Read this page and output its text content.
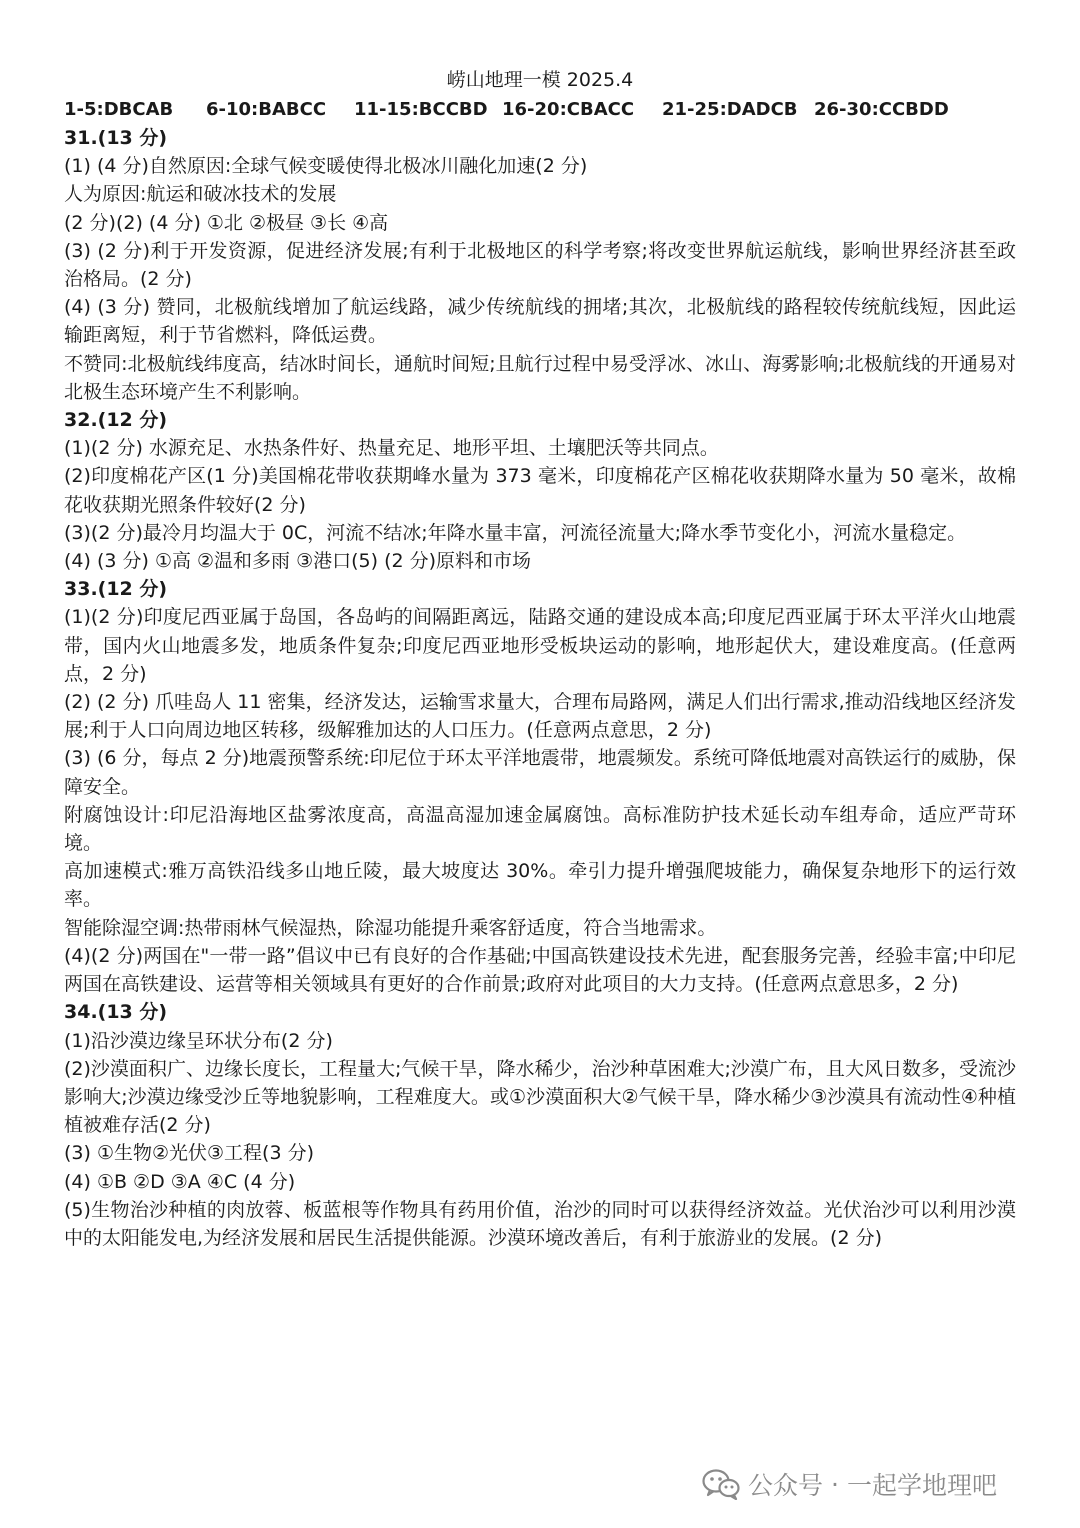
崂山地理一模 2025.4
1-5:DBCAB 6-10:BABCC 11-15:BCCBD 16-20:CBACC 21-25:DADCB 26-30:CCBDD

31.(13 分)

(1) (4 分)自然原因:全球气候变暖使得北极冰川融化加速(2 分)

人为原因:航运和破冰技术的发展

(2 分)(2) (4 分) ①北 ②极昼 ③长 ④高

(3) (2 分)利于开发资源，促进经济发展;有利于北极地区的科学考察;将改变世界航运航线，影响世界经济甚至政治格局。(2 分)

(4) (3 分) 赞同，北极航线增加了航运线路，减少传统航线的拥堵;其次，北极航线的路程较传统航线短，因此运输距离短，利于节省燃料，降低运费。

不赞同:北极航线纬度高，结冰时间长，通航时间短;且航行过程中易受浮冰、冰山、海雾影响;北极航线的开通易对北极生态环境产生不利影响。

32.(12 分)

(1)(2 分) 水源充足、水热条件好、热量充足、地形平坦、土壤肥沃等共同点。

(2)印度棉花产区(1 分)美国棉花带收获期峰水量为 373 毫米，印度棉花产区棉花收获期降水量为 50 毫米，故棉花收获期光照条件较好(2 分)

(3)(2 分)最冷月均温大于 0C，河流不结冰;年降水量丰富，河流径流量大;降水季节变化小，河流水量稳定。

(4) (3 分) ①高 ②温和多雨 ③港口(5) (2 分)原料和市场

33.(12 分)

(1)(2 分)印度尼西亚属于岛国，各岛屿的间隔距离远，陆路交通的建设成本高;印度尼西亚属于环太平洋火山地震带，国内火山地震多发，地质条件复杂;印度尼西亚地形受板块运动的影响，地形起伏大，建设难度高。(任意两点，2 分)

(2) (2 分) 爪哇岛人 11 密集，经济发达，运输雪求量大，合理布局路网，满足人们出行需求,推动沿线地区经济发展;利于人口向周边地区转移，级解雅加达的人口压力。(任意两点意思，2 分)

(3) (6 分，每点 2 分)地震预警系统:印尼位于环太平洋地震带，地震频发。系统可降低地震对高铁运行的威胁，保障安全。

附腐蚀设计:印尼沿海地区盐雾浓度高，高温高湿加速金属腐蚀。高标准防护技术延长动车组寿命，适应严苛环境。

高加速模式:雅万高铁沿线多山地丘陵，最大坡度达 30%。牵引力提升增强爬坡能力，确保复杂地形下的运行效率。

智能除湿空调:热带雨林气候湿热，除湿功能提升乘客舒适度，符合当地需求。

(4)(2 分)两国在"一带一路”倡议中已有良好的合作基础;中国高铁建设技术先进，配套服务完善，经验丰富;中印尼两国在高铁建设、运营等相关领域具有更好的合作前景;政府对此项目的大力支持。(任意两点意思多，2 分)

34.(13 分)

(1)沿沙漠边缘呈环状分布(2 分)

(2)沙漠面积广、边缘长度长，工程量大;气候干旱，降水稀少，治沙种草困难大;沙漠广布，且大风日数多，受流沙影响大;沙漠边缘受沙丘等地貌影响，工程难度大。或①沙漠面积大②气候干旱，降水稀少③沙漠具有流动性④种植植被难存活(2 分)

(3) ①生物②光伏③工程(3 分)

(4) ①B ②D ③A ④C (4 分)

(5)生物治沙种植的肉放蓉、板蓝根等作物具有药用价值，治沙的同时可以获得经济效益。光伏治沙可以利用沙漠中的太阳能发电,为经济发展和居民生活提供能源。沙漠环境改善后，有利于旅游业的发展。(2 分)

公众号 · 一起学地理吧
